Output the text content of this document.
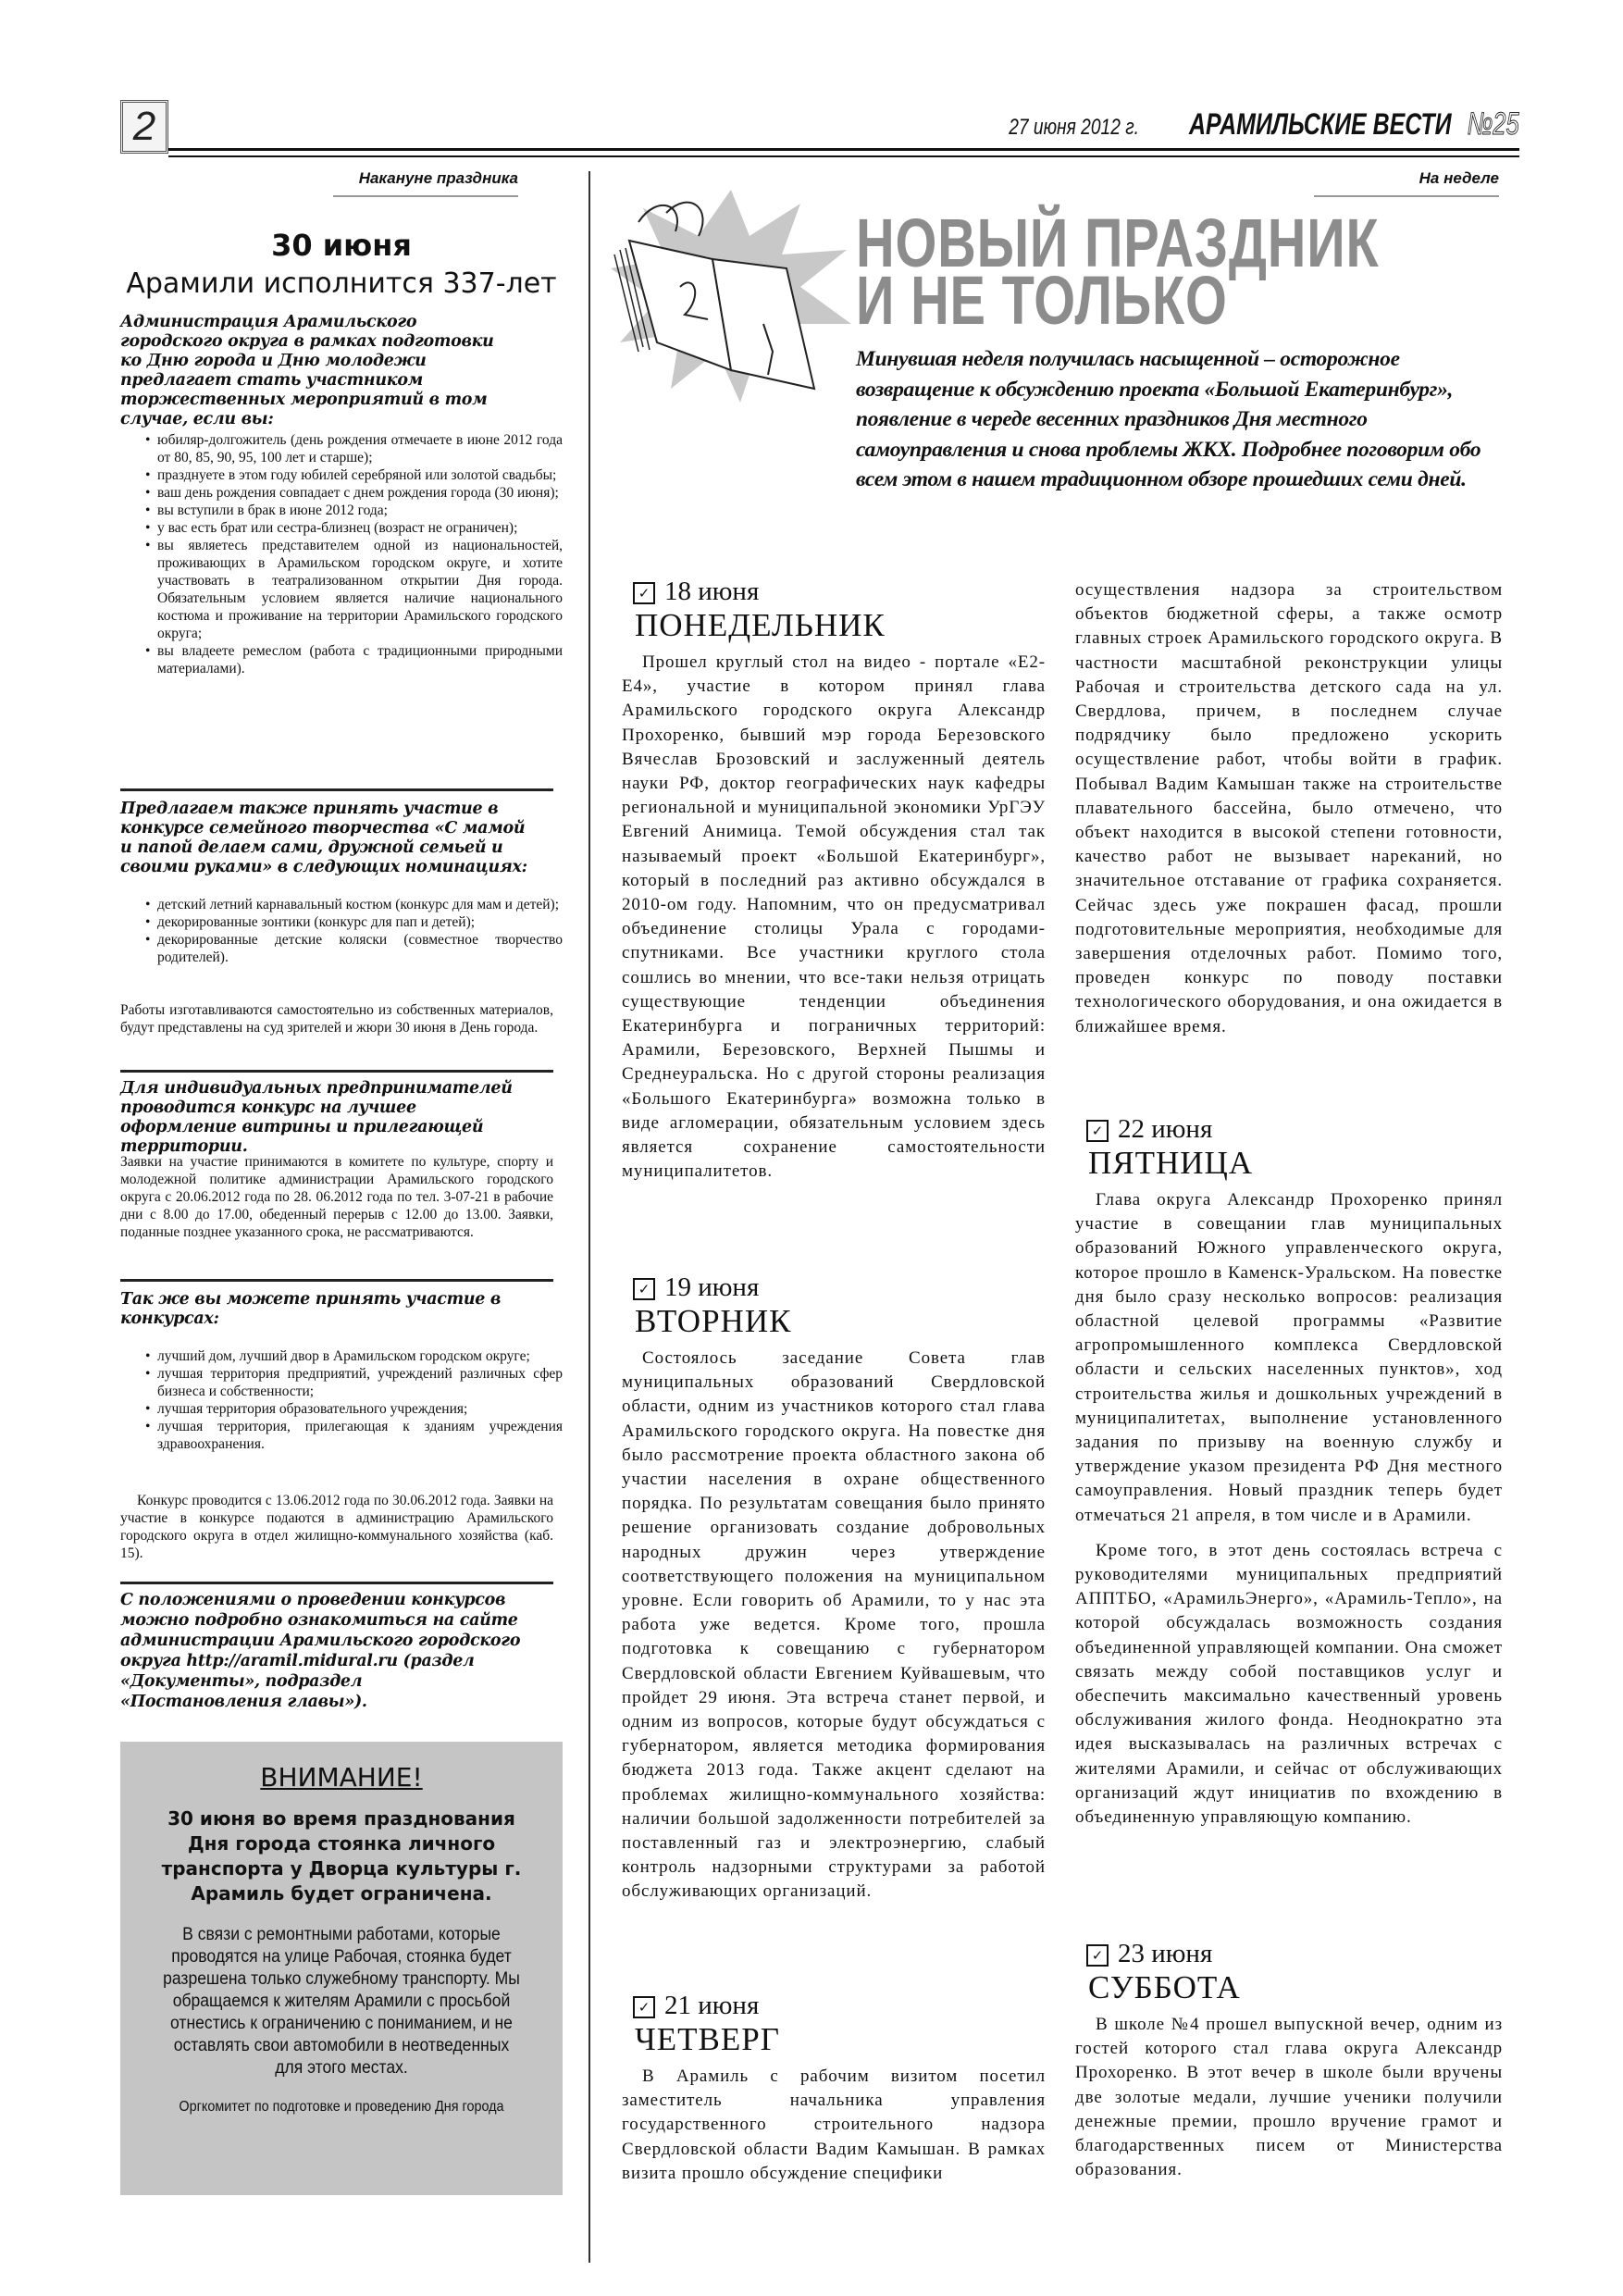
2	27 июня 2012 г. АРАМИЛЬСКИЕ ВЕСТИ №25
Накануне праздника
30 июня
Арамили исполнится 337-лет
Администрация Арамильского городского округа в рамках подготовки ко Дню города и Дню молодежи предлагает стать участником торжественных мероприятий в том случае, если вы:
• юбиляр-долгожитель (день рождения отмечаете в июне 2012 года от 80, 85, 90, 95, 100 лет и старше);
• празднуете в этом году юбилей серебряной или золотой свадьбы;
• ваш день рождения совпадает с днем рождения города (30 июня);
• вы вступили в брак в июне 2012 года;
• у вас есть брат или сестра-близнец (возраст не ограничен);
• вы являетесь представителем одной из национальностей, проживающих в Арамильском городском округе, и хотите участвовать в театрализованном открытии Дня города. Обязательным условием является наличие национального костюма и проживание на территории Арамильского городского округа;
• вы владеете ремеслом (работа с традиционными природными материалами).
Предлагаем также принять участие в конкурсе семейного творчества «С мамой и папой делаем сами, дружной семьей и своими руками» в следующих номинациях:
• детский летний карнавальный костюм (конкурс для мам и детей);
• декорированные зонтики (конкурс для пап и детей);
• декорированные детские коляски (совместное творчество родителей).

Работы изготавливаются самостоятельно из собственных материалов, будут представлены на суд зрителей и жюри 30 июня в День города.

Для индивидуальных предпринимателей проводится конкурс на лучшее оформление витрины и прилегающей территории.

Заявки на участие принимаются в комитете по культуре, спорту и молодежной политике администрации Арамильского городского округа с 20.06.2012 года по 28. 06.2012 года по тел. 3-07-21 в рабочие дни с 8.00 до 17.00, обеденный перерыв с 12.00 до 13.00. Заявки, поданные позднее указанного срока, не рассматриваются.

Так же вы можете принять участие в конкурсах:
• лучший дом, лучший двор в Арамильском городском округе;
• лучшая территория предприятий, учреждений различных сфер бизнеса и собственности;
• лучшая территория образовательного учреждения;
• лучшая территория, прилегающая к зданиям учреждения здравоохранения.

Конкурс проводится с 13.06.2012 года по 30.06.2012 года. Заявки на участие в конкурсе подаются в администрацию Арамильского городского округа в отдел жилищно-коммунального хозяйства (каб. 15).

С положениями о проведении конкурсов можно подробно ознакомиться на сайте администрации Арамильского городского округа http://aramil.midural.ru (раздел «Документы», подраздел «Постановления главы»).
ВНИМАНИЕ!
30 июня во время празднования Дня города стоянка личного транспорта у Дворца культуры г. Арамиль будет ограничена.
В связи с ремонтными работами, которые проводятся на улице Рабочая, стоянка будет разрешена только служебному транспорту. Мы обращаемся к жителям Арамили с просьбой отнестись к ограничению с пониманием, и не оставлять свои автомобили в неотведенных для этого местах.
Оргкомитет по подготовке и проведению Дня города
На неделе
НОВЫЙ ПРАЗДНИК
И НЕ ТОЛЬКО
Минувшая неделя получилась насыщенной – осторожное возвращение к обсуждению проекта «Большой Екатеринбург», появление в череде весенних праздников Дня местного самоуправления и снова проблемы ЖКХ. Подробнее поговорим обо всем этом в нашем традиционном обзоре прошедших семи дней.
✓ 18 июня
ПОНЕДЕЛЬНИК

Прошел круглый стол на видео - портале «Е2-Е4», участие в котором принял глава Арамильского городского округа Александр Прохоренко, бывший мэр города Березовского Вячеслав Брозовский и заслуженный деятель науки РФ, доктор географических наук кафедры региональной и муниципальной экономики УрГЭУ Евгений Анимица. Темой обсуждения стал так называемый проект «Большой Екатеринбург», который в последний раз активно обсуждался в 2010-ом году. Напомним, что он предусматривал объединение столицы Урала с городами-спутниками. Все участники круглого стола сошлись во мнении, что все-таки нельзя отрицать существующие тенденции объединения Екатеринбурга и пограничных территорий: Арамили, Березовского, Верхней Пышмы и Среднеуральска. Но с другой стороны реализация «Большого Екатеринбурга» возможна только в виде агломерации, обязательным условием здесь является сохранение самостоятельности муниципалитетов.

✓ 19 июня
ВТОРНИК

Состоялось заседание Совета глав муниципальных образований Свердловской области, одним из участников которого стал глава Арамильского городского округа. На повестке дня было рассмотрение проекта областного закона об участии населения в охране общественного порядка. По результатам совещания было принято решение организовать создание добровольных народных дружин через утверждение соответствующего положения на муниципальном уровне. Если говорить об Арамили, то у нас эта работа уже ведется. Кроме того, прошла подготовка к совещанию с губернатором Свердловской области Евгением Куйвашевым, что пройдет 29 июня. Эта встреча станет первой, и одним из вопросов, которые будут обсуждаться с губернатором, является методика формирования бюджета 2013 года. Также акцент сделают на проблемах жилищно-коммунального хозяйства: наличии большой задолженности потребителей за поставленный газ и электроэнергию, слабый контроль надзорными структурами за работой обслуживающих организаций.

✓ 21 июня
ЧЕТВЕРГ

В Арамиль с рабочим визитом посетил заместитель начальника управления государственного строительного надзора Свердловской области Вадим Камышан. В рамках визита прошло обсуждение специфики

осуществления надзора за строительством объектов бюджетной сферы, а также осмотр главных строек Арамильского городского округа. В частности масштабной реконструкции улицы Рабочая и строительства детского сада на ул. Свердлова, причем, в последнем случае подрядчику было предложено ускорить осуществление работ, чтобы войти в график. Побывал Вадим Камышан также на строительстве плавательного бассейна, было отмечено, что объект находится в высокой степени готовности, качество работ не вызывает нареканий, но значительное отставание от графика сохраняется. Сейчас здесь уже покрашен фасад, прошли подготовительные мероприятия, необходимые для завершения отделочных работ. Помимо того, проведен конкурс по поводу поставки технологического оборудования, и она ожидается в ближайшее время.

✓ 22 июня
ПЯТНИЦА

Глава округа Александр Прохоренко принял участие в совещании глав муниципальных образований Южного управленческого округа, которое прошло в Каменск-Уральском. На повестке дня было сразу несколько вопросов: реализация областной целевой программы «Развитие агропромышленного комплекса Свердловской области и сельских населенных пунктов», ход строительства жилья и дошкольных учреждений в муниципалитетах, выполнение установленного задания по призыву на военную службу и утверждение указом президента РФ Дня местного самоуправления. Новый праздник теперь будет отмечаться 21 апреля, в том числе и в Арамили.

Кроме того, в этот день состоялась встреча с руководителями муниципальных предприятий АППТБО, «АрамильЭнерго», «Арамиль-Тепло», на которой обсуждалась возможность создания объединенной управляющей компании. Она сможет связать между собой поставщиков услуг и обеспечить максимально качественный уровень обслуживания жилого фонда. Неоднократно эта идея высказывалась на различных встречах с жителями Арамили, и сейчас от обслуживающих организаций ждут инициатив по вхождению в объединенную управляющую компанию.

✓ 23 июня
СУББОТА

В школе №4 прошел выпускной вечер, одним из гостей которого стал глава округа Александр Прохоренко. В этот вечер в школе были вручены две золотые медали, лучшие ученики получили денежные премии, прошло вручение грамот и благодарственных писем от Министерства образования.
